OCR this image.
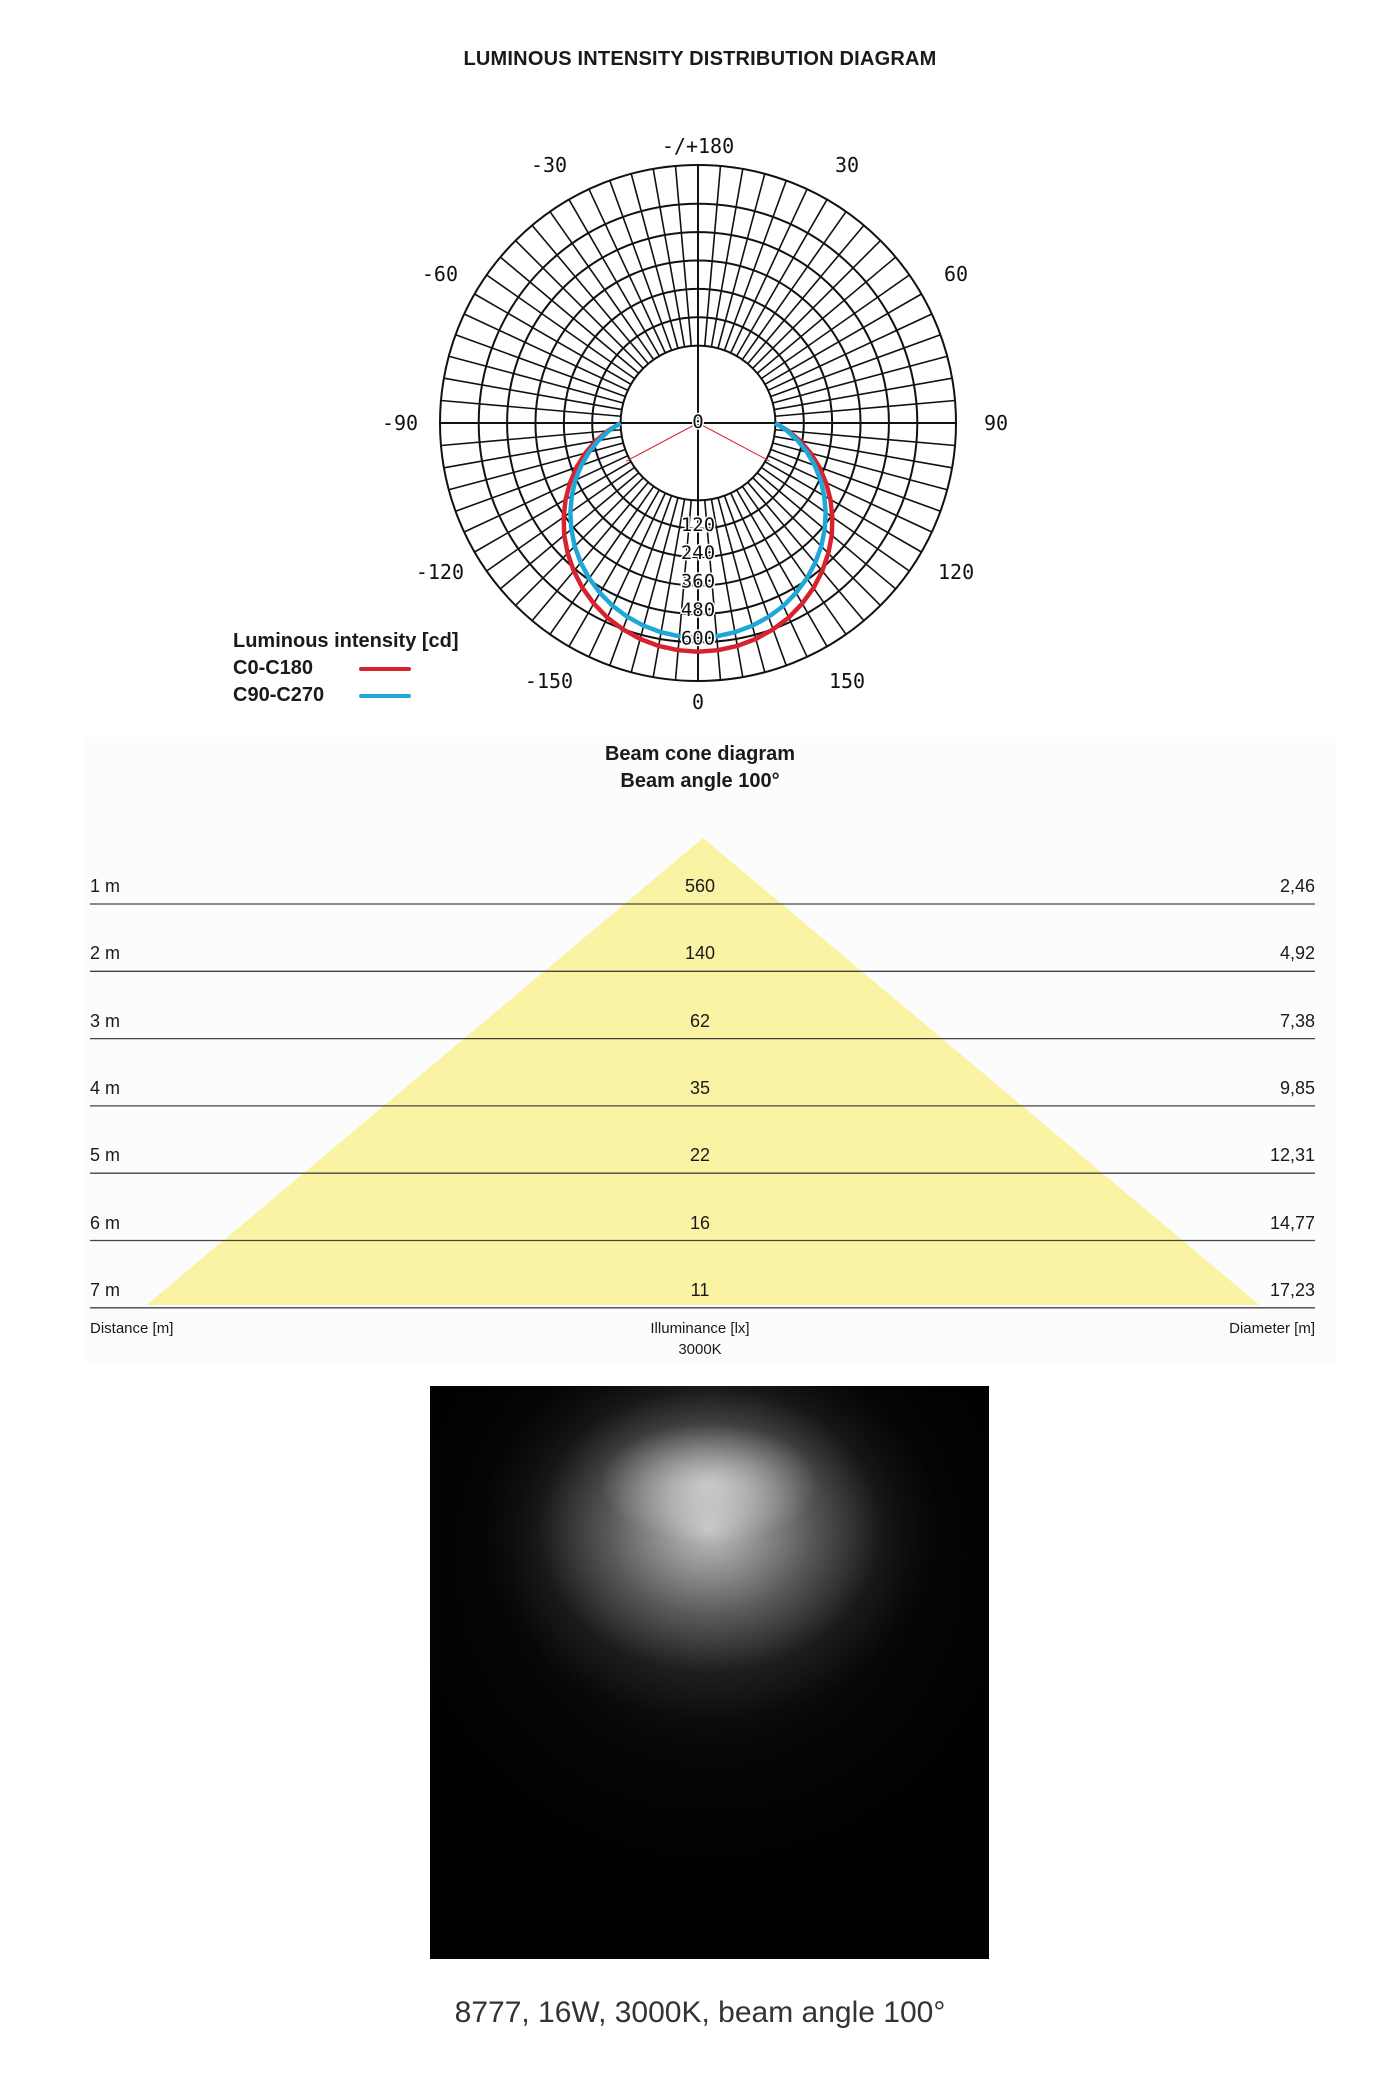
LUMINOUS INTENSITY DISTRIBUTION DIAGRAM
0
120
240
360
480
600
-150	150
-120	120
-90	90
-60	60
-30	30
-/+180
0
Luminous intensity [cd]
C0-C180
C90-C270
Beam cone diagram
Beam angle 100°
1 m	560	2,46
2 m	140	4,92
3 m	62	7,38
4 m	35	9,85
5 m	22	12,31
6 m	16	14,77
7 m	11	17,23
Distance [m]	Illuminance [lx]
3000K
Diameter [m]
8777, 16W, 3000K, beam angle 100°
